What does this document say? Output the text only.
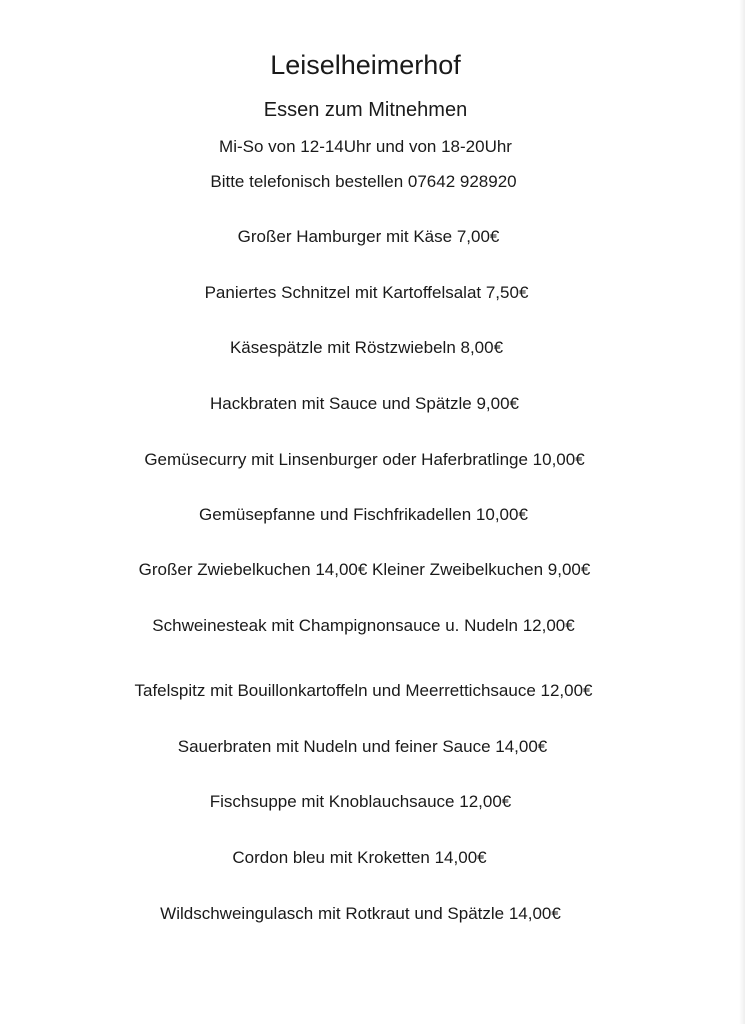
Leiselheimerhof
Essen zum Mitnehmen
Mi-So von 12-14Uhr und von 18-20Uhr
Bitte telefonisch bestellen 07642 928920
Großer Hamburger mit Käse 7,00€
Paniertes Schnitzel mit Kartoffelsalat 7,50€
Käsespätzle mit Röstzwiebeln 8,00€
Hackbraten mit Sauce und Spätzle 9,00€
Gemüsecurry mit Linsenburger oder Haferbratlinge 10,00€
Gemüsepfanne und Fischfrikadellen 10,00€
Großer Zwiebelkuchen 14,00€ Kleiner Zweibelkuchen 9,00€
Schweinesteak mit Champignonsauce u. Nudeln 12,00€
Tafelspitz mit Bouillonkartoffeln und Meerrettichsauce 12,00€
Sauerbraten mit Nudeln und feiner Sauce 14,00€
Fischsuppe mit Knoblauchsauce 12,00€
Cordon bleu mit Kroketten 14,00€
Wildschweingulasch mit Rotkraut und Spätzle 14,00€
